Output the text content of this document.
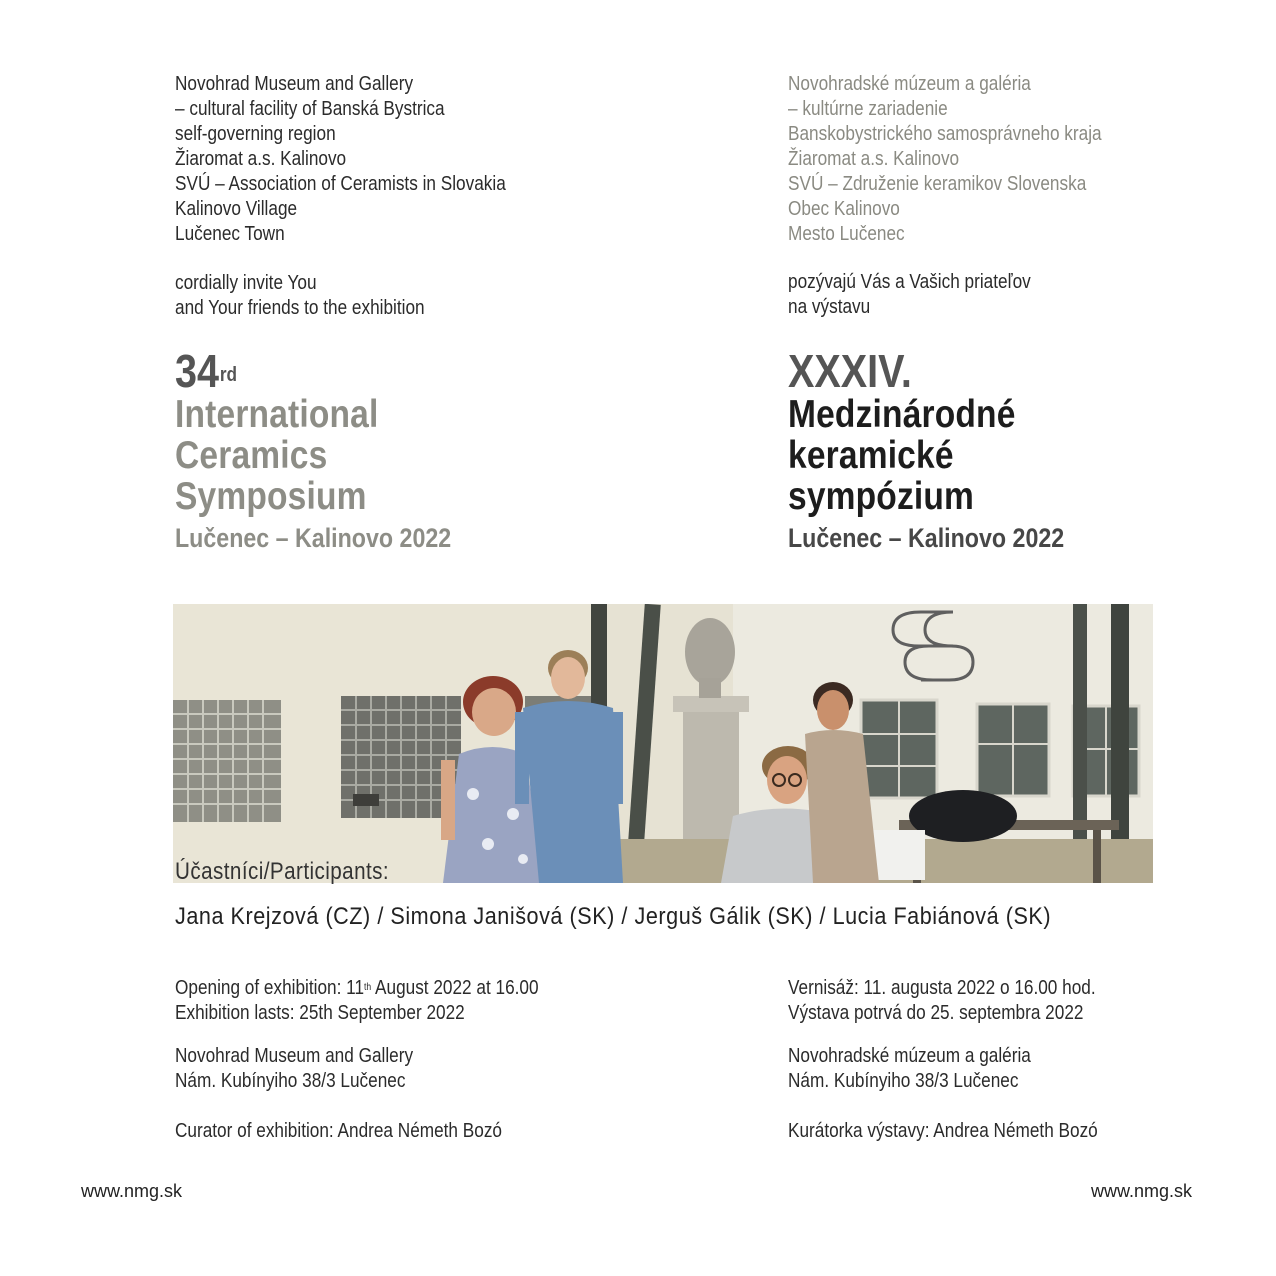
Novohrad Museum and Gallery
– cultural facility of Banská Bystrica
self-governing region
Žiaromat a.s. Kalinovo
SVÚ – Association of Ceramists in Slovakia
Kalinovo Village
Lučenec Town
cordially invite You
and Your friends to the exhibition
34rd
International
Ceramics
Symposium
Lučenec – Kalinovo 2022
Novohradské múzeum a galéria
– kultúrne zariadenie
Banskobystrického samosprávneho kraja
Žiaromat a.s. Kalinovo
SVÚ – Združenie keramikov Slovenska
Obec Kalinovo
Mesto Lučenec
pozývajú Vás a Vašich priateľov
na výstavu
XXXIV.
Medzinárodné
keramické
sympózium
Lučenec – Kalinovo 2022
Účastníci/Participants:
Jana Krejzová (CZ) / Simona Janišová (SK) / Jerguš Gálik (SK) / Lucia Fabiánová (SK)
Opening of exhibition: 11th August 2022 at 16.00
Exhibition lasts: 25th September 2022
Novohrad Museum and Gallery
Nám. Kubínyiho 38/3 Lučenec
Curator of exhibition: Andrea Németh Bozó
Vernisáž: 11. augusta 2022 o 16.00 hod.
Výstava potrvá do 25. septembra 2022
Novohradské múzeum a galéria
Nám. Kubínyiho 38/3 Lučenec
Kurátorka výstavy: Andrea Németh Bozó
www.nmg.sk	www.nmg.sk
